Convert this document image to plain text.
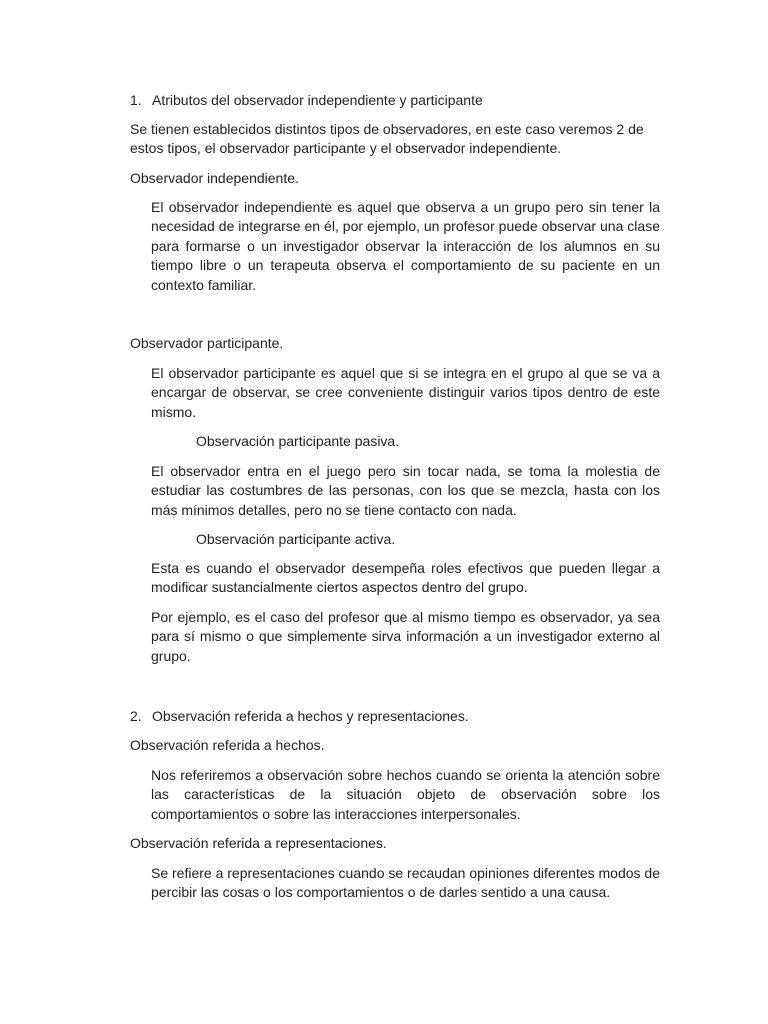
1. Atributos del observador independiente y participante

Se tienen establecidos distintos tipos de observadores, en este caso veremos 2 de estos tipos, el observador participante y el observador independiente.

Observador independiente.

El observador independiente es aquel que observa a un grupo pero sin tener la necesidad de integrarse en él, por ejemplo, un profesor puede observar una clase para formarse o un investigador observar la interacción de los alumnos en su tiempo libre o un terapeuta observa el comportamiento de su paciente en un contexto familiar.

Observador participante.

El observador participante es aquel que si se integra en el grupo al que se va a encargar de observar, se cree conveniente distinguir varios tipos dentro de este mismo.

Observación participante pasiva.

El observador entra en el juego pero sin tocar nada, se toma la molestia de estudiar las costumbres de las personas, con los que se mezcla, hasta con los más mínimos detalles, pero no se tiene contacto con nada.

Observación participante activa.

Esta es cuando el observador desempeña roles efectivos que pueden llegar a modificar sustancialmente ciertos aspectos dentro del grupo.

Por ejemplo, es el caso del profesor que al mismo tiempo es observador, ya sea para sí mismo o que simplemente sirva información a un investigador externo al grupo.

2. Observación referida a hechos y representaciones.

Observación referida a hechos.

Nos referiremos a observación sobre hechos cuando se orienta la atención sobre las características de la situación objeto de observación sobre los comportamientos o sobre las interacciones interpersonales.

Observación referida a representaciones.

Se refiere a representaciones cuando se recaudan opiniones diferentes modos de percibir las cosas o los comportamientos o de darles sentido a una causa.
